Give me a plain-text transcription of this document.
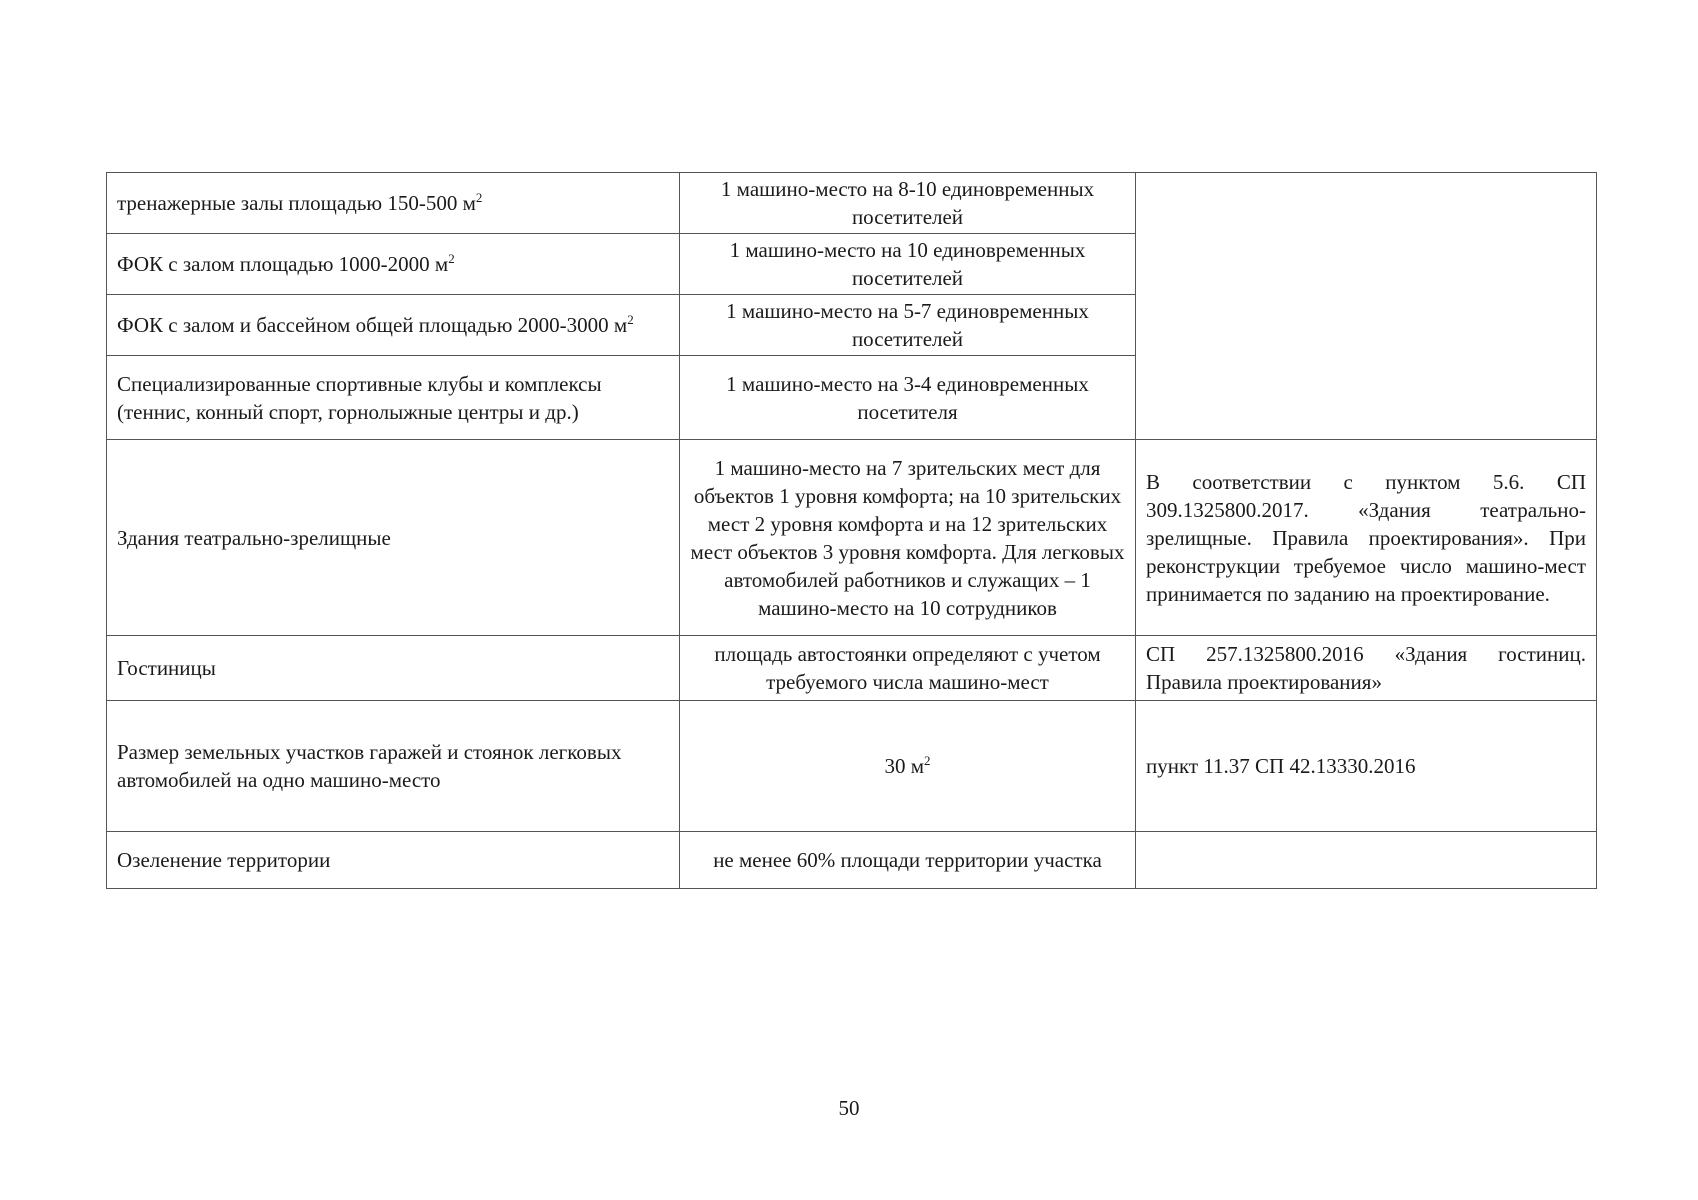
тренажерные залы площадью 150-500 $м^2$	1 машино-место на 8-10 единовременных посетителей	
ФОК с залом площадью 1000-2000 $м^2$	1 машино-место на 10 единовременных посетителей	
ФОК с залом и бассейном общей площадью 2000-3000 $м^2$	1 машино-место на 5-7 единовременных посетителей	
Специализированные спортивные клубы и комплексы (теннис, конный спорт, горнолыжные центры и др.)	1 машино-место на 3-4 единовременных посетителя	
Здания театрально-зрелищные	1 машино-место на 7 зрительских мест для объектов 1 уровня комфорта; на 10 зрительских мест 2 уровня комфорта и на 12 зрительских мест объектов 3 уровня комфорта. Для легковых автомобилей работников и служащих – 1 машино-место на 10 сотрудников	В соответствии с пунктом 5.6. СП 309.1325800.2017. «Здания театрально-зрелищные. Правила проектирования». При реконструкции требуемое число машино-мест принимается по заданию на проектирование.
Гостиницы	площадь автостоянки определяют с учетом требуемого числа машино-мест	СП 257.1325800.2016 «Здания гостиниц. Правила проектирования»
Размер земельных участков гаражей и стоянок легковых автомобилей на одно машино-место	30 $м^2$	пункт 11.37 СП 42.13330.2016
Озеленение территории	не менее 60% площади территории участка	
50
